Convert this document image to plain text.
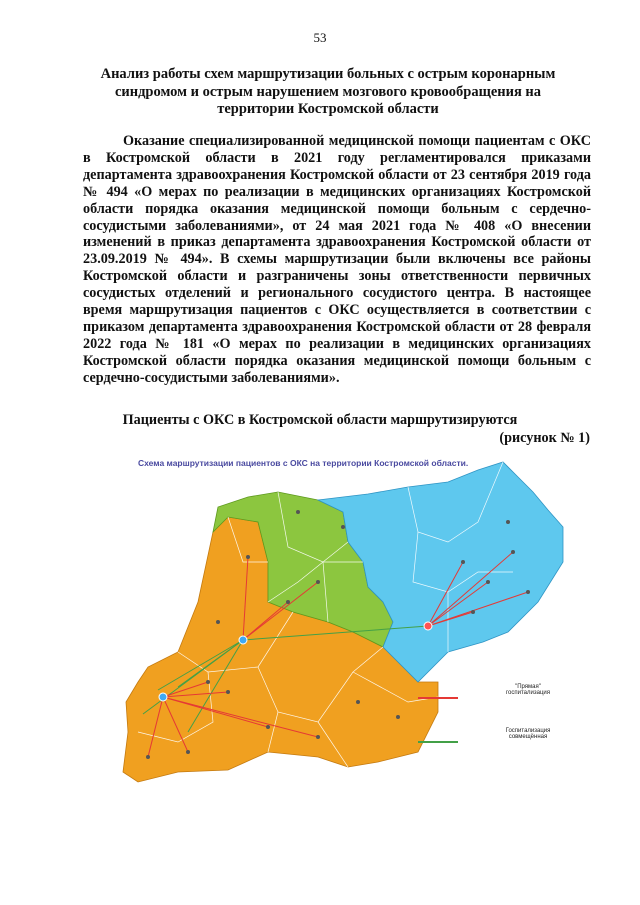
53
Анализ работы схем маршрутизации больных с острым коронарным синдромом и острым нарушением мозгового кровообращения на территории Костромской области
Оказание специализированной медицинской помощи пациентам с ОКС в Костромской области в 2021 году регламентировался приказами департамента здравоохранения Костромской области от 23 сентября 2019 года № 494 «О мерах по реализации в медицинских организациях Костромской области порядка оказания медицинской помощи больным с сердечно-сосудистыми заболеваниями», от 24 мая 2021 года № 408 «О внесении изменений в приказ департамента здравоохранения Костромской области от 23.09.2019 № 494». В схемы маршрутизации были включены все районы Костромской области и разграничены зоны ответственности первичных сосудистых отделений и регионального сосудистого центра. В настоящее время маршрутизация пациентов с ОКС осуществляется в соответствии с приказом департамента здравоохранения Костромской области от 28 февраля 2022 года № 181 «О мерах по реализации в медицинских организациях Костромской области порядка оказания медицинской помощи больным с сердечно-сосудистыми заболеваниями».
Пациенты с ОКС в Костромской области маршрутизируются
(рисунок № 1)
Схема маршрутизации пациентов с ОКС на территории Костромской области.
"Прямая" госпитализация
Госпитализация совмещённая
